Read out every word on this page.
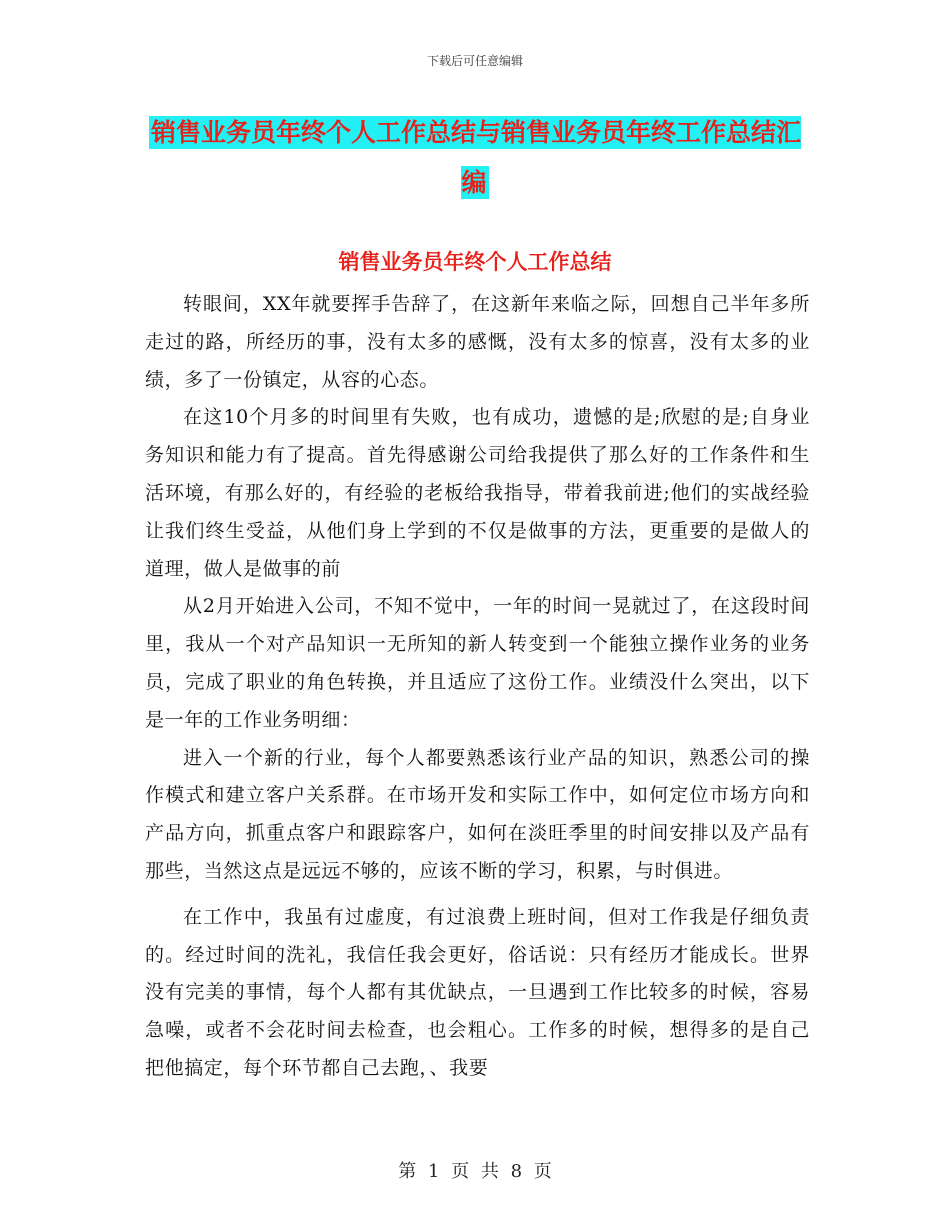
下载后可任意编辑
销售业务员年终个人工作总结与销售业务员年终工作总结汇编
销售业务员年终个人工作总结

转眼间，XX年就要挥手告辞了，在这新年来临之际，回想自己半年多所走过的路，所经历的事，没有太多的感慨，没有太多的惊喜，没有太多的业绩，多了一份镇定，从容的心态。

在这10个月多的时间里有失败，也有成功，遗憾的是;欣慰的是;自身业务知识和能力有了提高。首先得感谢公司给我提供了那么好的工作条件和生活环境，有那么好的，有经验的老板给我指导，带着我前进;他们的实战经验让我们终生受益，从他们身上学到的不仅是做事的方法，更重要的是做人的道理，做人是做事的前

从2月开始进入公司，不知不觉中，一年的时间一晃就过了，在这段时间里，我从一个对产品知识一无所知的新人转变到一个能独立操作业务的业务员，完成了职业的角色转换，并且适应了这份工作。业绩没什么突出，以下是一年的工作业务明细：

进入一个新的行业，每个人都要熟悉该行业产品的知识，熟悉公司的操作模式和建立客户关系群。在市场开发和实际工作中，如何定位市场方向和产品方向，抓重点客户和跟踪客户，如何在淡旺季里的时间安排以及产品有那些，当然这点是远远不够的，应该不断的学习，积累，与时俱进。

在工作中，我虽有过虚度，有过浪费上班时间，但对工作我是仔细负责的。经过时间的洗礼，我信任我会更好，俗话说：只有经历才能成长。世界没有完美的事情，每个人都有其优缺点，一旦遇到工作比较多的时候，容易急噪，或者不会花时间去检查，也会粗心。工作多的时候，想得多的是自己把他搞定，每个环节都自己去跑，、我要

第 1 页 共 8 页
